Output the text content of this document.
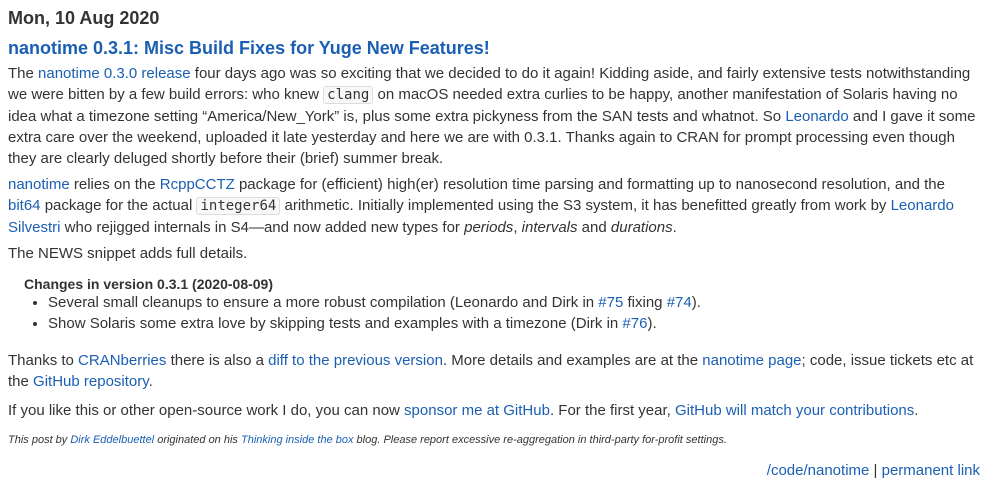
Mon, 10 Aug 2020
nanotime 0.3.1: Misc Build Fixes for Yuge New Features!

The nanotime 0.3.0 release four days ago was so exciting that we decided to do it again! Kidding aside, and fairly extensive tests notwithstanding we were bitten by a few build errors: who knew clang on macOS needed extra curlies to be happy, another manifestation of Solaris having no idea what a timezone setting “America/New_York” is, plus some extra pickyness from the SAN tests and whatnot. So Leonardo and I gave it some extra care over the weekend, uploaded it late yesterday and here we are with 0.3.1. Thanks again to CRAN for prompt processing even though they are clearly deluged shortly before their (brief) summer break.

nanotime relies on the RcppCCTZ package for (efficient) high(er) resolution time parsing and formatting up to nanosecond resolution, and the bit64 package for the actual integer64 arithmetic. Initially implemented using the S3 system, it has benefitted greatly from work by Leonardo Silvestri who rejigged internals in S4—and now added new types for periods, intervals and durations.

The NEWS snippet adds full details.

Changes in version 0.3.1 (2020-08-09)

• Several small cleanups to ensure a more robust compilation (Leonardo and Dirk in #75 fixing #74).
• Show Solaris some extra love by skipping tests and examples with a timezone (Dirk in #76).

Thanks to CRANberries there is also a diff to the previous version. More details and examples are at the nanotime page; code, issue tickets etc at the GitHub repository.

If you like this or other open-source work I do, you can now sponsor me at GitHub. For the first year, GitHub will match your contributions.

This post by Dirk Eddelbuettel originated on his Thinking inside the box blog. Please report excessive re-aggregation in third-party for-profit settings.

/code/nanotime | permanent link
